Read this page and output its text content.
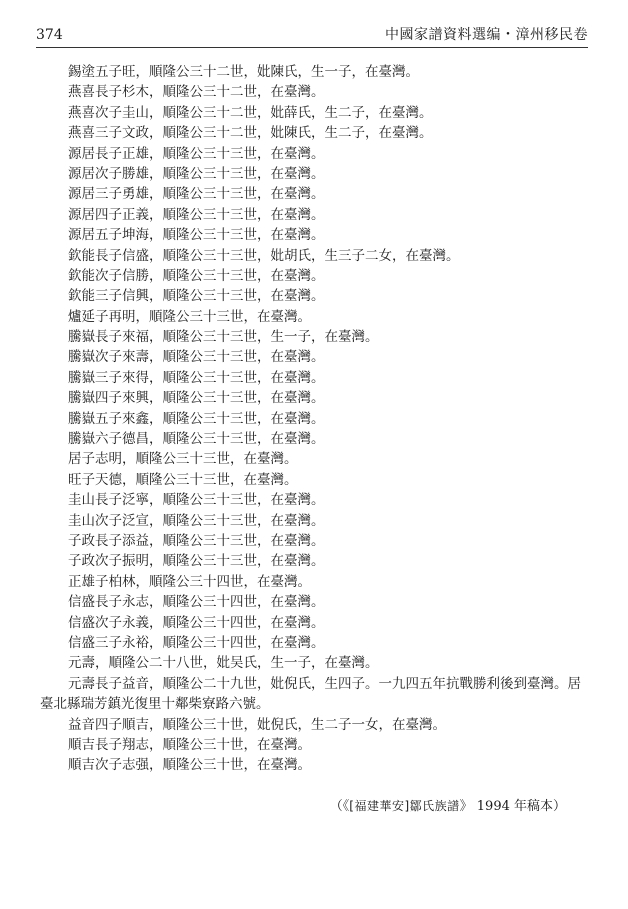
374	中國家譜資料選编・漳州移民卷
錫塗五子旺，順隆公三十二世，妣陳氏，生一子，在臺灣。
燕喜長子杉木，順隆公三十二世，在臺灣。
燕喜次子圭山，順隆公三十二世，妣薛氏，生二子，在臺灣。
燕喜三子文政，順隆公三十二世，妣陳氏，生二子，在臺灣。
源居長子正雄，順隆公三十三世，在臺灣。
源居次子勝雄，順隆公三十三世，在臺灣。
源居三子勇雄，順隆公三十三世，在臺灣。
源居四子正義，順隆公三十三世，在臺灣。
源居五子坤海，順隆公三十三世，在臺灣。
欽能長子信盛，順隆公三十三世，妣胡氏，生三子二女，在臺灣。
欽能次子信勝，順隆公三十三世，在臺灣。
欽能三子信興，順隆公三十三世，在臺灣。
爐延子再明，順隆公三十三世，在臺灣。
騰嶽長子來福，順隆公三十三世，生一子，在臺灣。
騰嶽次子來壽，順隆公三十三世，在臺灣。
騰嶽三子來得，順隆公三十三世，在臺灣。
騰嶽四子來興，順隆公三十三世，在臺灣。
騰嶽五子來鑫，順隆公三十三世，在臺灣。
騰嶽六子德昌，順隆公三十三世，在臺灣。
居子志明，順隆公三十三世，在臺灣。
旺子天德，順隆公三十三世，在臺灣。
圭山長子泛寧，順隆公三十三世，在臺灣。
圭山次子泛宣，順隆公三十三世，在臺灣。
子政長子添益，順隆公三十三世，在臺灣。
子政次子振明，順隆公三十三世，在臺灣。
正雄子柏林，順隆公三十四世，在臺灣。
信盛長子永志，順隆公三十四世，在臺灣。
信盛次子永義，順隆公三十四世，在臺灣。
信盛三子永裕，順隆公三十四世，在臺灣。
元壽，順隆公二十八世，妣吴氏，生一子，在臺灣。
元壽長子益音，順隆公二十九世，妣倪氏，生四子。一九四五年抗戰勝利後到臺灣。居臺北縣瑞芳鎮光復里十鄰柴寮路六號。
益音四子順吉，順隆公三十世，妣倪氏，生二子一女，在臺灣。
順吉長子翔志，順隆公三十世，在臺灣。
順吉次子志强，順隆公三十世，在臺灣。
（《[福建華安]鄒氏族譜》 1994 年稿本）
